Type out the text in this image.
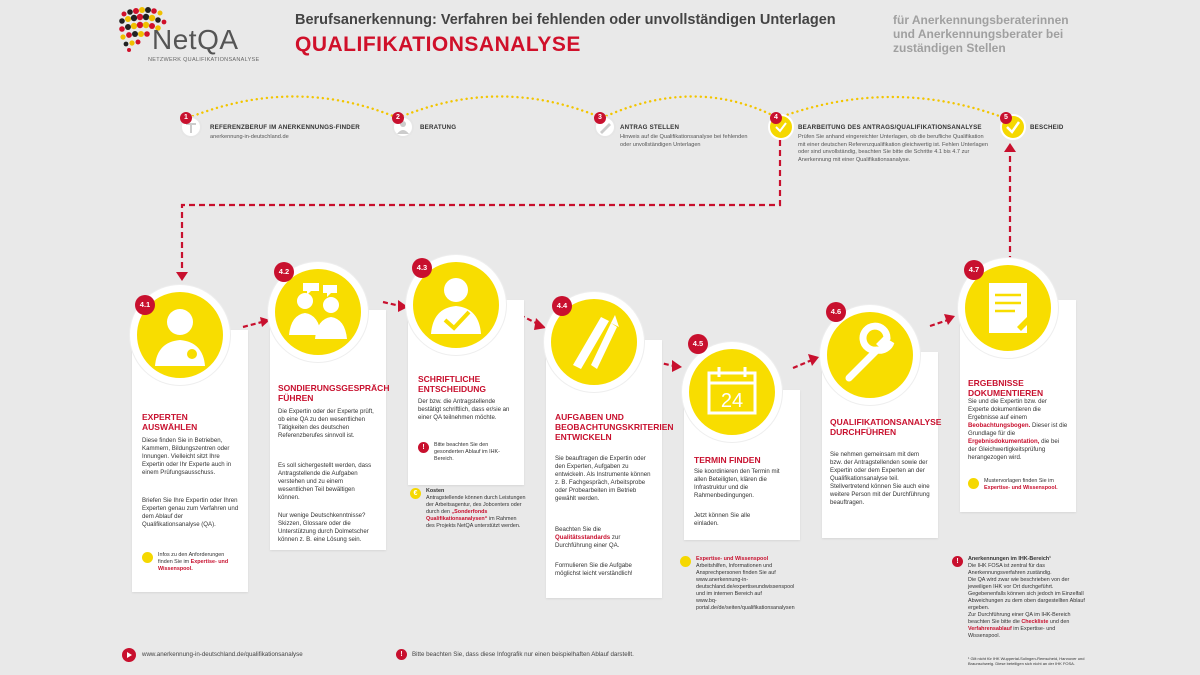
NetQA
NETZWERK QUALIFIKATIONSANALYSE
Berufsanerkennung: Verfahren bei fehlenden oder unvollständigen Unterlagen
QUALIFIKATIONSANALYSE
für Anerkennungsberaterinnen und Anerkennungsberater bei zuständigen Stellen
1
REFERENZBERUF IM ANERKENNUNGS-FINDER
anerkennung-in-deutschland.de
2
BERATUNG
3
ANTRAG STELLEN
Hinweis auf die Qualifikationsanalyse bei fehlenden oder unvollständigen Unterlagen
4
BEARBEITUNG DES ANTRAGS/QUALIFIKATIONSANALYSE
Prüfen Sie anhand eingereichter Unterlagen, ob die berufliche Qualifikation mit einer deutschen Referenzqualifikation gleichwertig ist. Fehlen Unterlagen oder sind unvollständig, beachten Sie bitte die Schritte 4.1 bis 4.7 zur Anerkennung mit einer Qualifikationsanalyse.
5
BESCHEID
4.1
EXPERTEN AUSWÄHLEN
Diese finden Sie in Betrieben, Kammern, Bildungszentren oder Innungen. Vielleicht sitzt Ihre Expertin oder Ihr Experte auch in einem Prüfungsausschuss.
Briefen Sie Ihre Expertin oder Ihren Experten genau zum Verfahren und dem Ablauf der Qualifikationsanalyse (QA).
Infos zu den Anforderungen finden Sie im Expertise- und Wissenspool.
4.2
SONDIERUNGSGESPRÄCH FÜHREN
Die Expertin oder der Experte prüft, ob eine QA zu den wesentlichen Tätigkeiten des deutschen Referenzberufes sinnvoll ist.
Es soll sichergestellt werden, dass Antragstellende die Aufgaben verstehen und zu einem wesentlichen Teil bewältigen können.
Nur wenige Deutschkenntnisse? Skizzen, Glossare oder die Unterstützung durch Dolmetscher können z. B. eine Lösung sein.
4.3
SCHRIFTLICHE ENTSCHEIDUNG
Der bzw. die Antragstellende bestätigt schriftlich, dass er/sie an einer QA teilnehmen möchte.
!	Bitte beachten Sie den gesonderten Ablauf im IHK-Bereich.
€	Kosten
Antragstellende können durch Leistungen der Arbeitsagentur, des Jobcenters oder durch den „Sonderfonds Qualifikationsanalysen“ im Rahmen des Projekts NetQA unterstützt werden.
4.4
AUFGABEN UND BEOBACHTUNGSKRITERIEN ENTWICKELN
Sie beauftragen die Expertin oder den Experten, Aufgaben zu entwickeln. Als Instrumente können z. B. Fachgespräch, Arbeitsprobe oder Probearbeiten im Betrieb gewählt werden.
Beachten Sie die Qualitätsstandards zur Durchführung einer QA.
Formulieren Sie die Aufgabe möglichst leicht verständlich!
24
4.5
TERMIN FINDEN
Sie koordinieren den Termin mit allen Beteiligten, klären die Infrastruktur und die Rahmenbedingungen.
Jetzt können Sie alle einladen.
Expertise- und Wissenspool
Arbeitshilfen, Informationen und Ansprechpersonen finden Sie auf
www.anerkennung-in-deutschland.de/expertiseundwissenspool
und im internen Bereich auf
www.bq-portal.de/de/seiten/qualifikationsanalysen
4.6
QUALIFIKATIONSANALYSE DURCHFÜHREN
Sie nehmen gemeinsam mit dem bzw. der Antragstellenden sowie der Expertin oder dem Experten an der Qualifikationsanalyse teil. Stellvertretend können Sie auch eine weitere Person mit der Durchführung beauftragen.
!	Anerkennungen im IHK-Bereich¹
Die IHK FOSA ist zentral für das Anerkennungsverfahren zuständig.
Die QA wird zwar wie beschrieben von der jeweiligen IHK vor Ort durchgeführt. Gegebenenfalls können sich jedoch im Einzelfall Abweichungen zu dem oben dargestellten Ablauf ergeben.
Zur Durchführung einer QA im IHK-Bereich beachten Sie bitte die Checkliste und den Verfahrensablauf im Expertise- und Wissenspool.
¹ Gilt nicht für IHK Wuppertal-Solingen-Remscheid, Hannover und Braunschweig. Diese beteiligen sich nicht an der IHK FOSA.
4.7
ERGEBNISSE DOKUMENTIEREN
Sie und die Expertin bzw. der Experte dokumentieren die Ergebnisse auf einem Beobachtungsbogen. Dieser ist die Grundlage für die Ergebnisdokumentation, die bei der Gleichwertigkeitsprüfung herangezogen wird.
Mustervorlagen finden Sie im Expertise- und Wissenspool.
www.anerkennung-in-deutschland.de/qualifikationsanalyse	!	Bitte beachten Sie, dass diese Infografik nur einen beispielhaften Ablauf darstellt.
